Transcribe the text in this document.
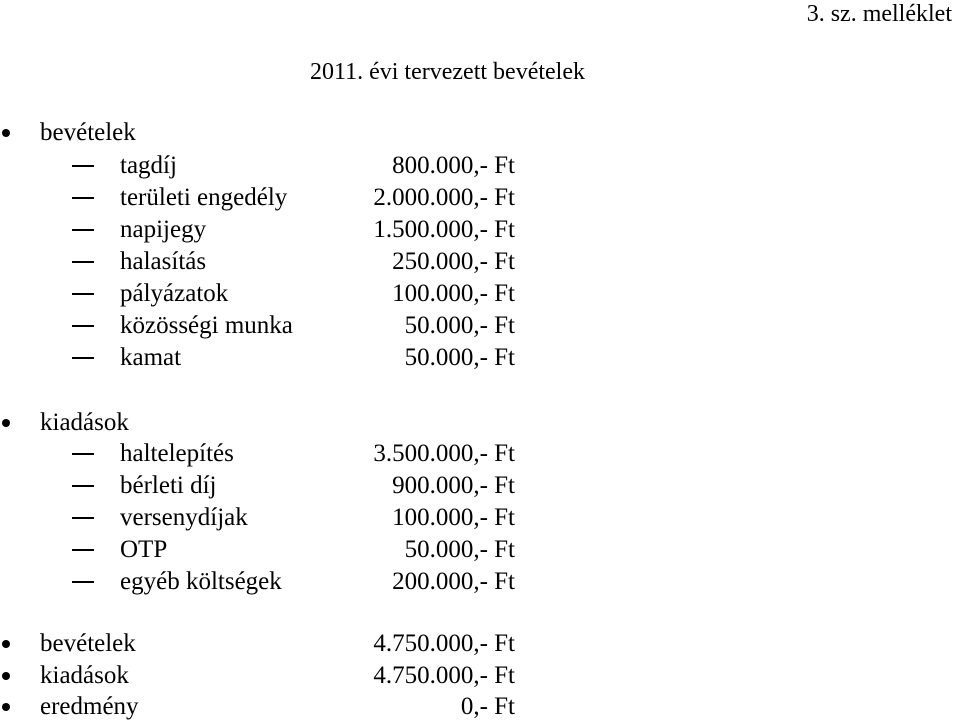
3. sz. melléklet
2011. évi tervezett bevételek
bevételek
tagdíj	800.000,- Ft
területi engedély	2.000.000,- Ft
napijegy	1.500.000,- Ft
halasítás	250.000,- Ft
pályázatok	100.000,- Ft
közösségi munka	50.000,- Ft
kamat	50.000,- Ft
kiadások
haltelepítés	3.500.000,- Ft
bérleti díj	900.000,- Ft
versenydíjak	100.000,- Ft
OTP	50.000,- Ft
egyéb költségek	200.000,- Ft
bevételek	4.750.000,- Ft
kiadások	4.750.000,- Ft
eredmény	0,- Ft
